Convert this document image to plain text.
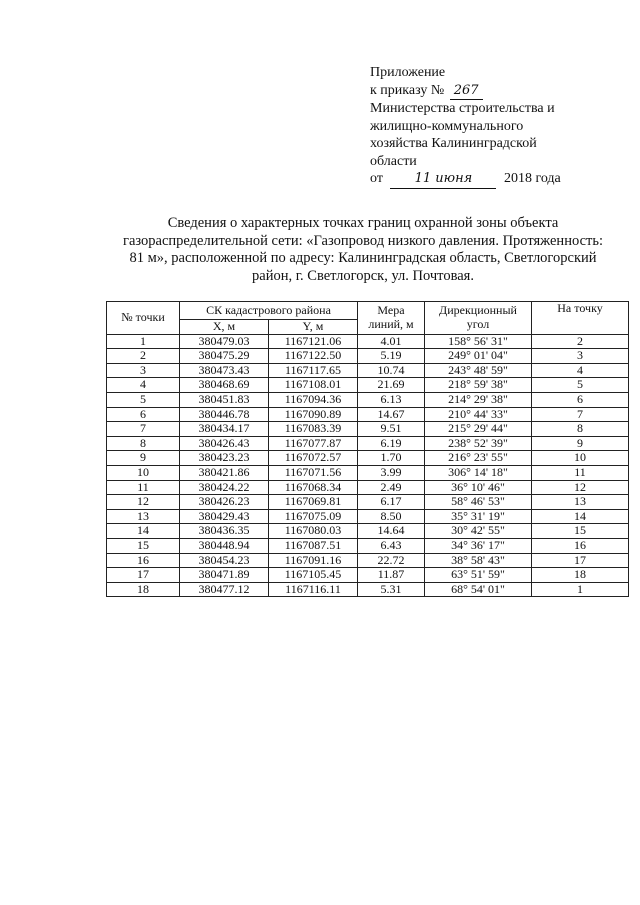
Приложение
к приказу № 267
Министерства строительства и
жилищно-коммунального
хозяйства Калининградской
области
от 11 июня 2018 года
Сведения о характерных точках границ охранной зоны объекта
газораспределительной сети: «Газопровод низкого давления. Протяженность:
81 м», расположенной по адресу: Калининградская область, Светлогорский
район, г. Светлогорск, ул. Почтовая.
№ точки	СК кадастрового района		Мера линий, м	Дирекционный угол	На точку
	X, м	Y, м			
1	380479.03	1167121.06	4.01	158° 56' 31"	2
2	380475.29	1167122.50	5.19	249° 01' 04"	3
3	380473.43	1167117.65	10.74	243° 48' 59"	4
4	380468.69	1167108.01	21.69	218° 59' 38"	5
5	380451.83	1167094.36	6.13	214° 29' 38"	6
6	380446.78	1167090.89	14.67	210° 44' 33"	7
7	380434.17	1167083.39	9.51	215° 29' 44"	8
8	380426.43	1167077.87	6.19	238° 52' 39"	9
9	380423.23	1167072.57	1.70	216° 23' 55"	10
10	380421.86	1167071.56	3.99	306° 14' 18"	11
11	380424.22	1167068.34	2.49	36° 10' 46"	12
12	380426.23	1167069.81	6.17	58° 46' 53"	13
13	380429.43	1167075.09	8.50	35° 31' 19"	14
14	380436.35	1167080.03	14.64	30° 42' 55"	15
15	380448.94	1167087.51	6.43	34° 36' 17"	16
16	380454.23	1167091.16	22.72	38° 58' 43"	17
17	380471.89	1167105.45	11.87	63° 51' 59"	18
18	380477.12	1167116.11	5.31	68° 54' 01"	1
